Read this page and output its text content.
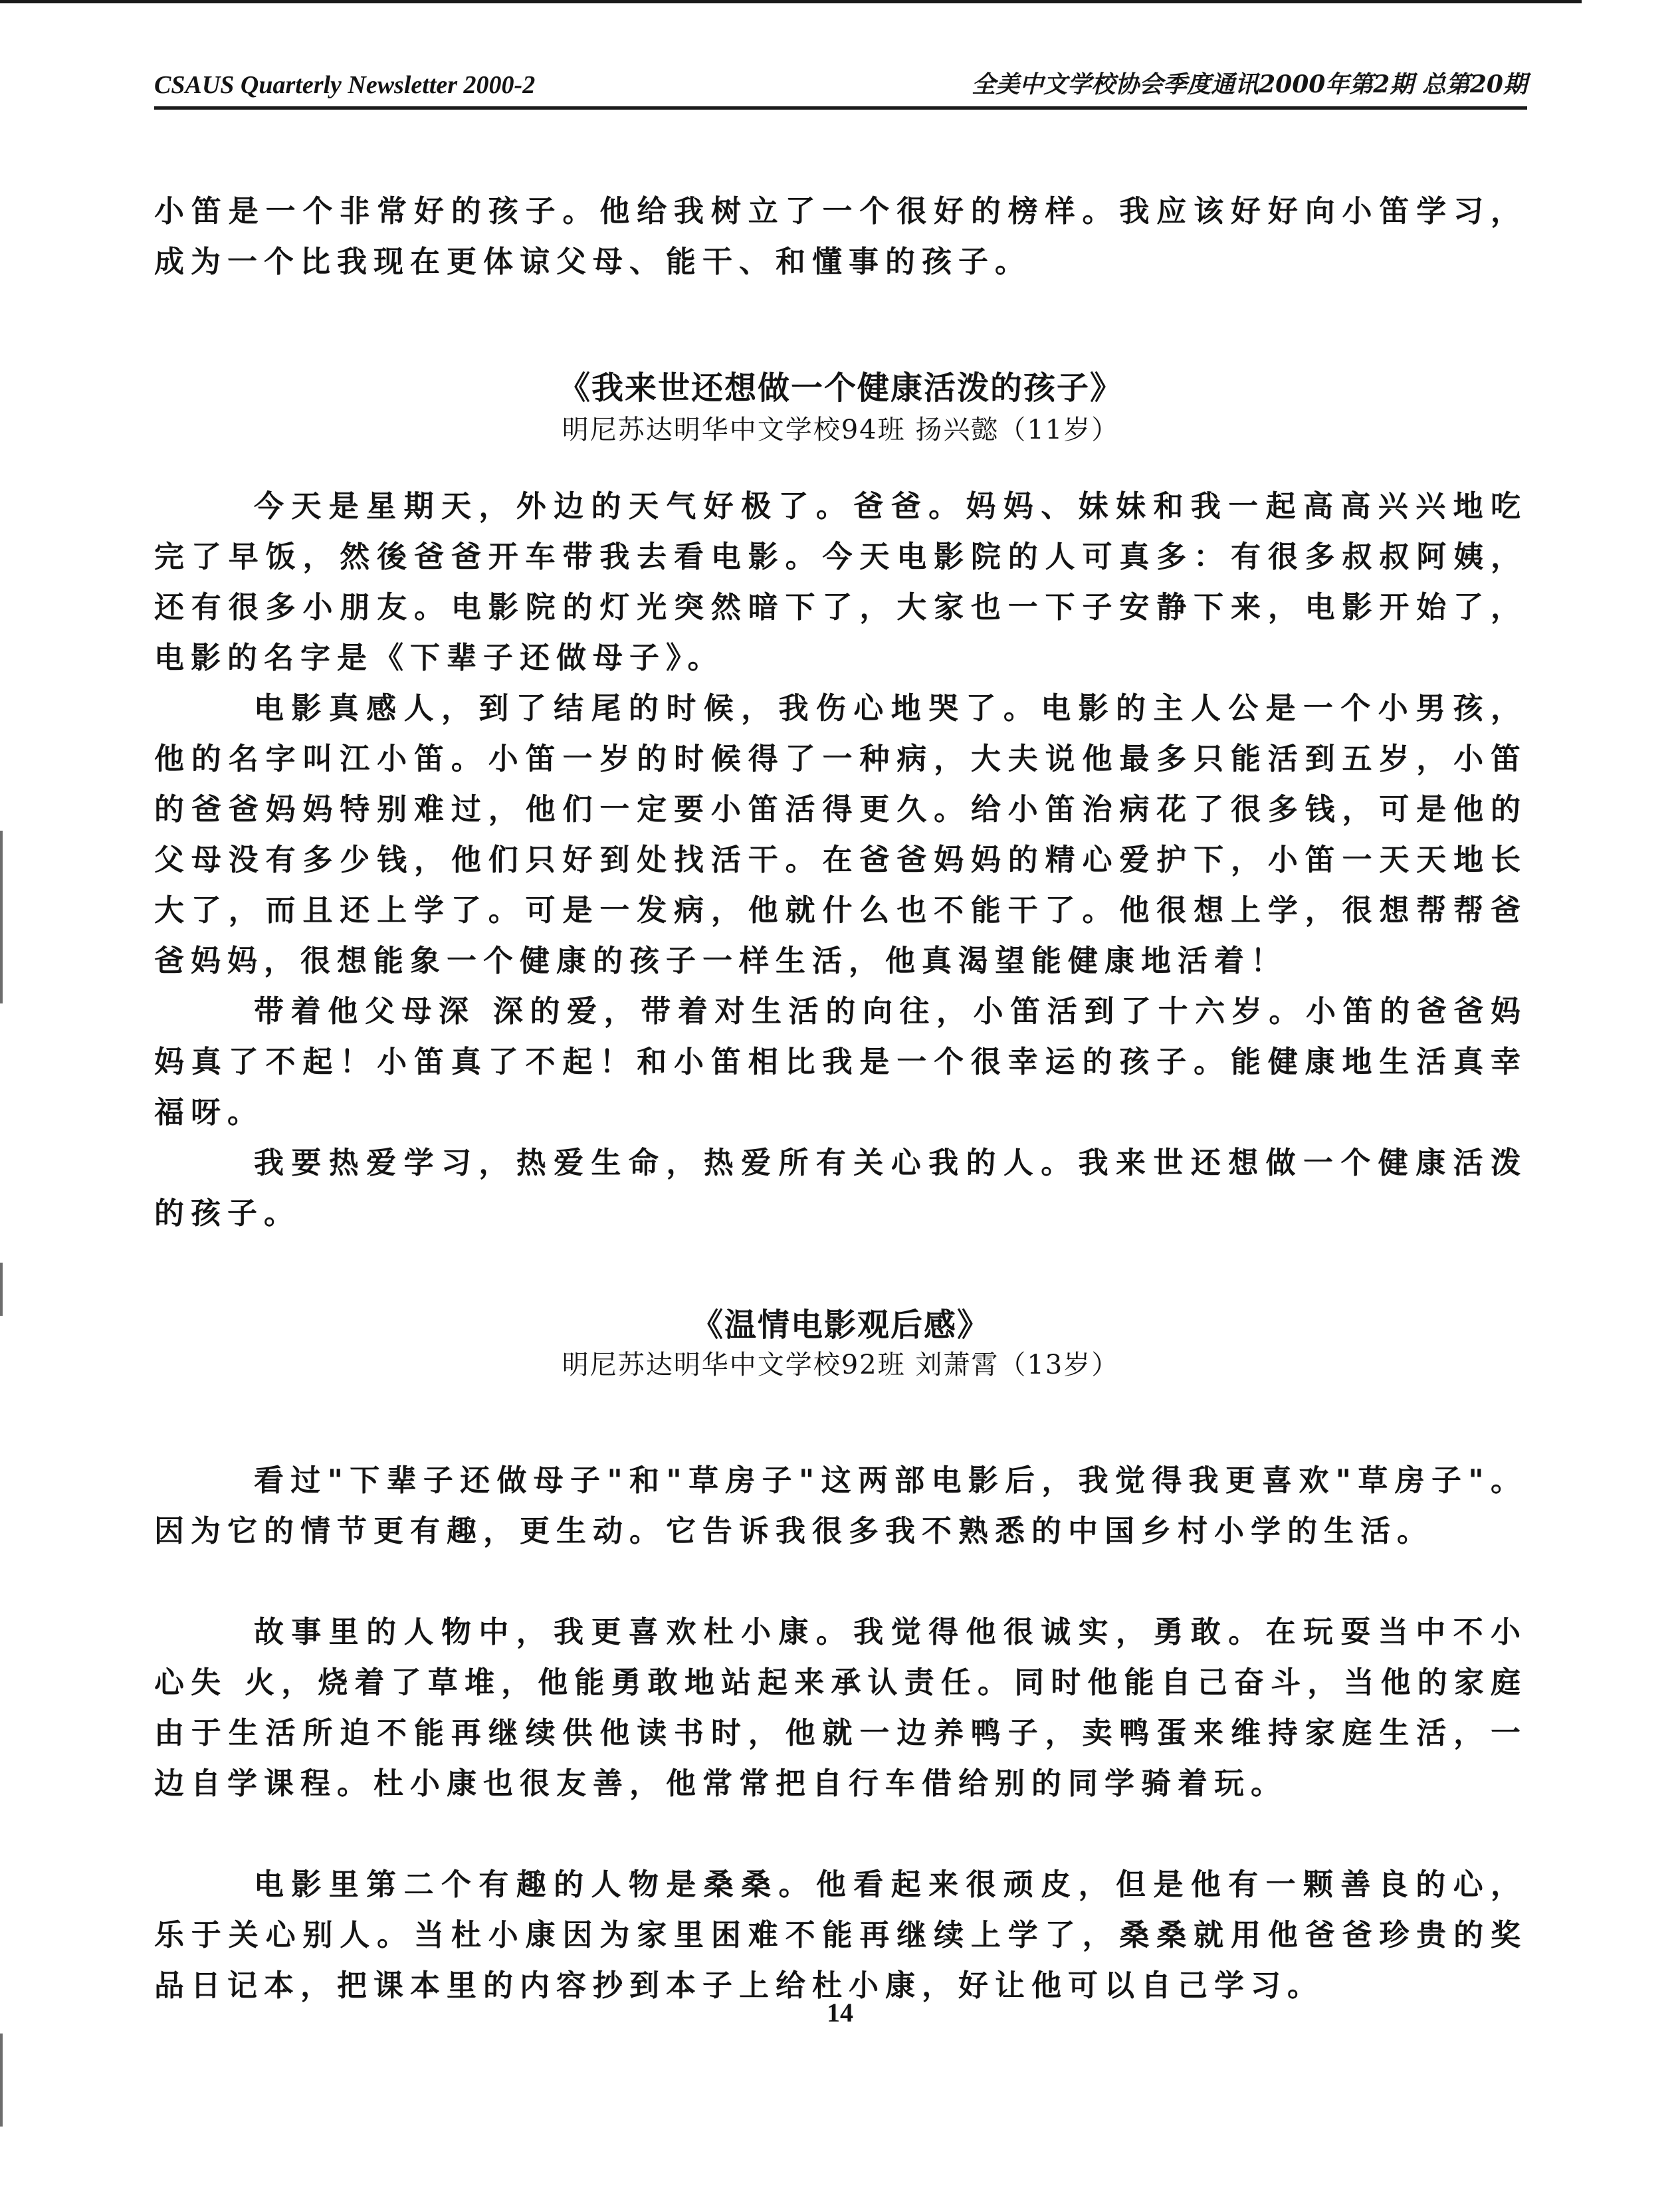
CSAUS Quarterly Newsletter 2000-2	全美中文学校协会季度通讯2000年第2期 总第20期

小笛是一个非常好的孩子。他给我树立了一个很好的榜样。我应该好好向小笛学习，成为一个比我现在更体谅父母、能干、和懂事的孩子。

《我来世还想做一个健康活泼的孩子》

明尼苏达明华中文学校94班 扬兴懿（11岁）

今天是星期天，外边的天气好极了。爸爸。妈妈、妹妹和我一起高高兴兴地吃完了早饭，然後爸爸开车带我去看电影。今天电影院的人可真多：有很多叔叔阿姨，还有很多小朋友。电影院的灯光突然暗下了，大家也一下子安静下来，电影开始了，电影的名字是《下辈子还做母子》。

电影真感人，到了结尾的时候，我伤心地哭了。电影的主人公是一个小男孩，他的名字叫江小笛。小笛一岁的时候得了一种病，大夫说他最多只能活到五岁，小笛的爸爸妈妈特别难过，他们一定要小笛活得更久。给小笛治病花了很多钱，可是他的父母没有多少钱，他们只好到处找活干。在爸爸妈妈的精心爱护下，小笛一天天地长大了，而且还上学了。可是一发病，他就什么也不能干了。他很想上学，很想帮帮爸爸妈妈，很想能象一个健康的孩子一样生活，他真渴望能健康地活着！

带着他父母深 深的爱，带着对生活的向往，小笛活到了十六岁。小笛的爸爸妈妈真了不起！小笛真了不起！和小笛相比我是一个很幸运的孩子。能健康地生活真幸福呀。

我要热爱学习，热爱生命，热爱所有关心我的人。我来世还想做一个健康活泼的孩子。

《温情电影观后感》

明尼苏达明华中文学校92班 刘萧霄（13岁）

看过"下辈子还做母子"和"草房子"这两部电影后，我觉得我更喜欢"草房子"。因为它的情节更有趣，更生动。它告诉我很多我不熟悉的中国乡村小学的生活。

故事里的人物中，我更喜欢杜小康。我觉得他很诚实，勇敢。在玩耍当中不小心失 火，烧着了草堆，他能勇敢地站起来承认责任。同时他能自己奋斗，当他的家庭由于生活所迫不能再继续供他读书时，他就一边养鸭子，卖鸭蛋来维持家庭生活，一边自学课程。杜小康也很友善，他常常把自行车借给别的同学骑着玩。

电影里第二个有趣的人物是桑桑。他看起来很顽皮，但是他有一颗善良的心，乐于关心别人。当杜小康因为家里困难不能再继续上学了，桑桑就用他爸爸珍贵的奖品日记本，把课本里的内容抄到本子上给杜小康，好让他可以自己学习。

14
